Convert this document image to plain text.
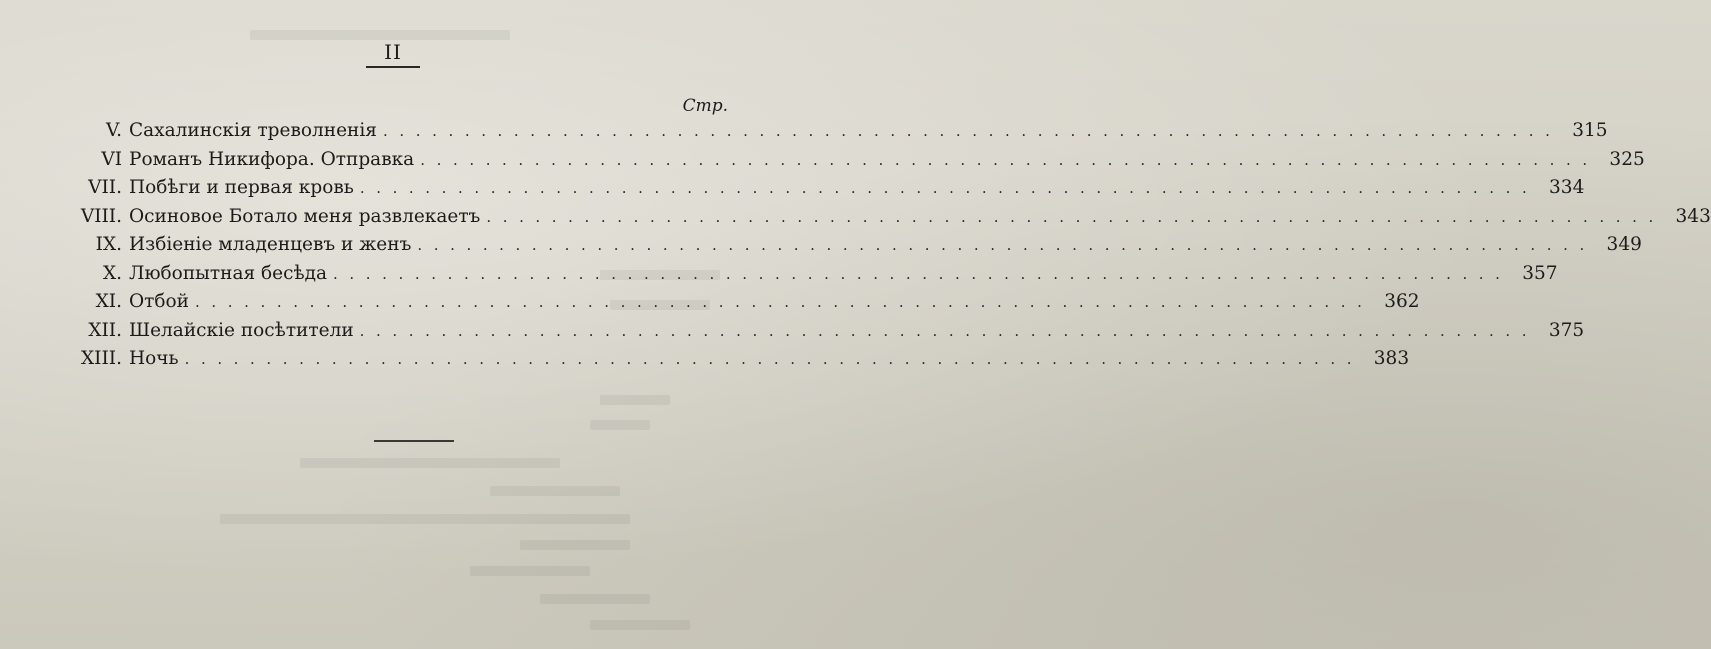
II
Стр.
V. Сахалинскія треволненія ........................................................................ 315
VI Романъ Никифора. Отправка ........................................................................ 325
VII. Побѣги и первая кровь ........................................................................ 334
VIII. Осиновое Ботало меня развлекаетъ ........................................................................ 343
IX. Избіеніе младенцевъ и женъ ........................................................................ 349
X. Любопытная бесѣда ........................................................................ 357
XI. Отбой ........................................................................ 362
XII. Шелайскіе посѣтители ........................................................................ 375
XIII. Ночь ........................................................................ 383
